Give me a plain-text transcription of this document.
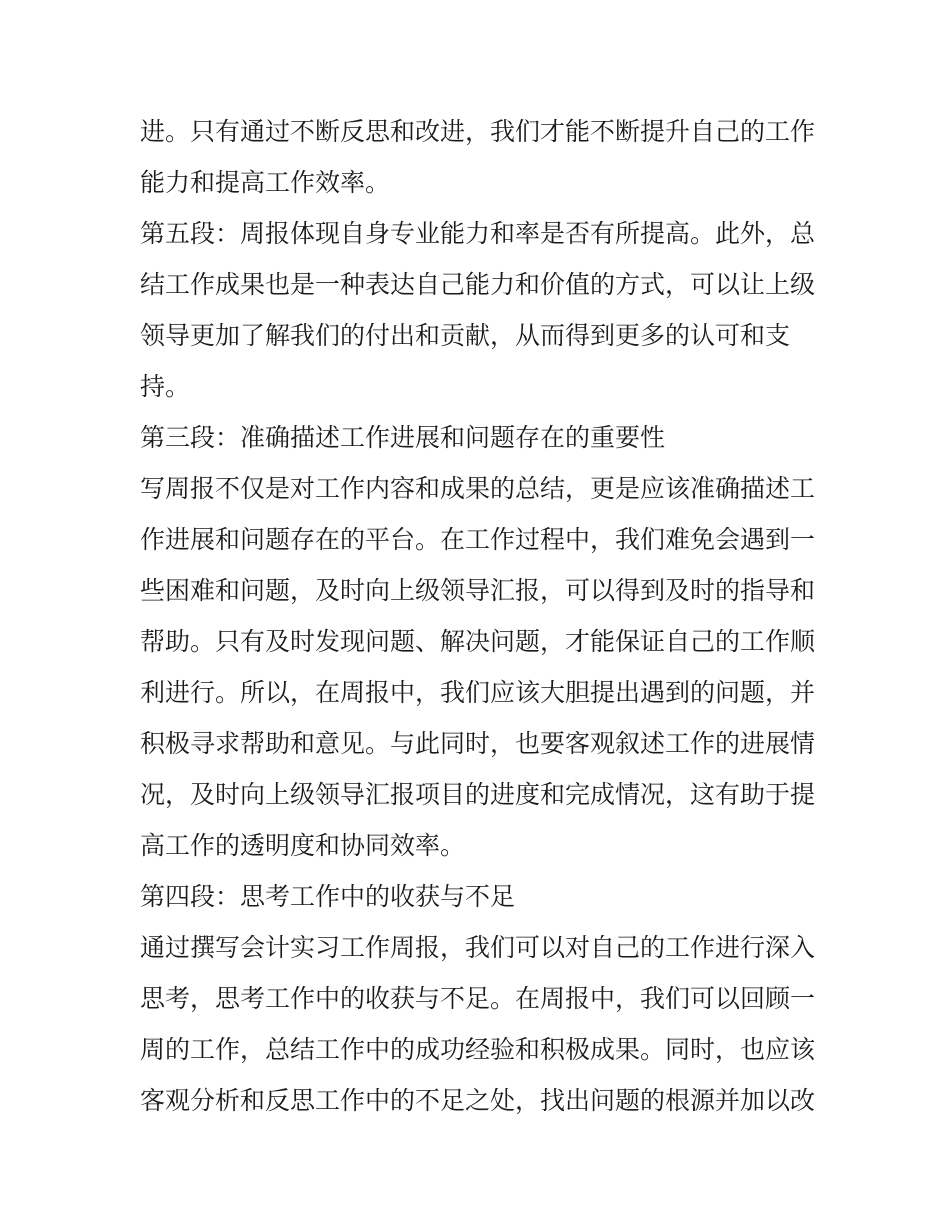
进。只有通过不断反思和改进，我们才能不断提升自己的工作
能力和提高工作效率。
第五段：周报体现自身专业能力和率是否有所提高。此外，总
结工作成果也是一种表达自己能力和价值的方式，可以让上级
领导更加了解我们的付出和贡献，从而得到更多的认可和支
持。
第三段：准确描述工作进展和问题存在的重要性
写周报不仅是对工作内容和成果的总结，更是应该准确描述工
作进展和问题存在的平台。在工作过程中，我们难免会遇到一
些困难和问题，及时向上级领导汇报，可以得到及时的指导和
帮助。只有及时发现问题、解决问题，才能保证自己的工作顺
利进行。所以，在周报中，我们应该大胆提出遇到的问题，并
积极寻求帮助和意见。与此同时，也要客观叙述工作的进展情
况，及时向上级领导汇报项目的进度和完成情况，这有助于提
高工作的透明度和协同效率。
第四段：思考工作中的收获与不足
通过撰写会计实习工作周报，我们可以对自己的工作进行深入
思考，思考工作中的收获与不足。在周报中，我们可以回顾一
周的工作，总结工作中的成功经验和积极成果。同时，也应该
客观分析和反思工作中的不足之处，找出问题的根源并加以改
